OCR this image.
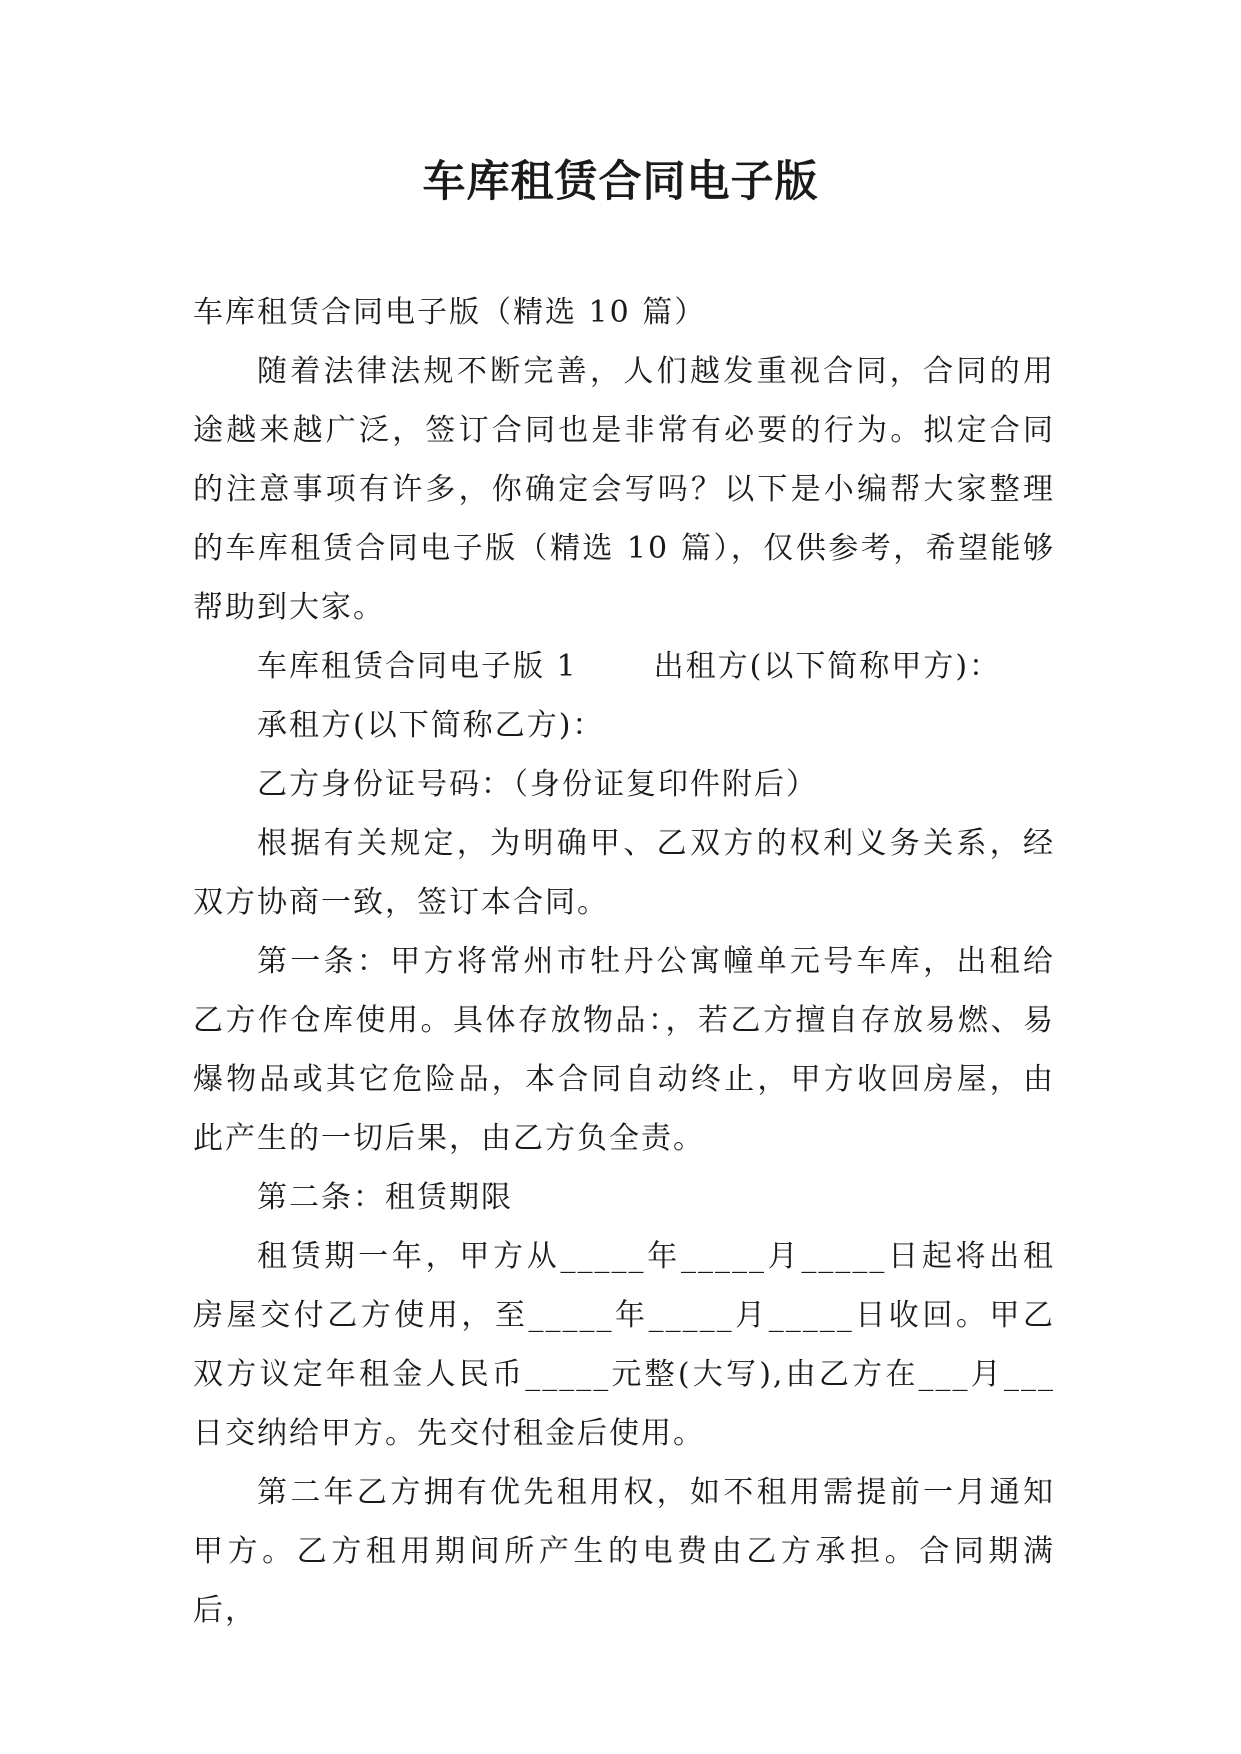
车库租赁合同电子版

车库租赁合同电子版（精选 10 篇）

随着法律法规不断完善，人们越发重视合同，合同的用途越来越广泛，签订合同也是非常有必要的行为。拟定合同的注意事项有许多，你确定会写吗？以下是小编帮大家整理的车库租赁合同电子版（精选 10 篇），仅供参考，希望能够帮助到大家。

车库租赁合同电子版 1	出租方(以下简称甲方)：

承租方(以下简称乙方)：

乙方身份证号码：（身份证复印件附后）

根据有关规定，为明确甲、乙双方的权利义务关系，经双方协商一致，签订本合同。

第一条：甲方将常州市牡丹公寓幢单元号车库，出租给乙方作仓库使用。具体存放物品：，若乙方擅自存放易燃、易爆物品或其它危险品，本合同自动终止，甲方收回房屋，由此产生的一切后果，由乙方负全责。

第二条：租赁期限

租赁期一年，甲方从_____年_____月_____日起将出租房屋交付乙方使用，至_____年_____月_____日收回。甲乙双方议定年租金人民币_____元整(大写),由乙方在___月___日交纳给甲方。先交付租金后使用。

第二年乙方拥有优先租用权，如不租用需提前一月通知甲方。乙方租用期间所产生的电费由乙方承担。合同期满后，
